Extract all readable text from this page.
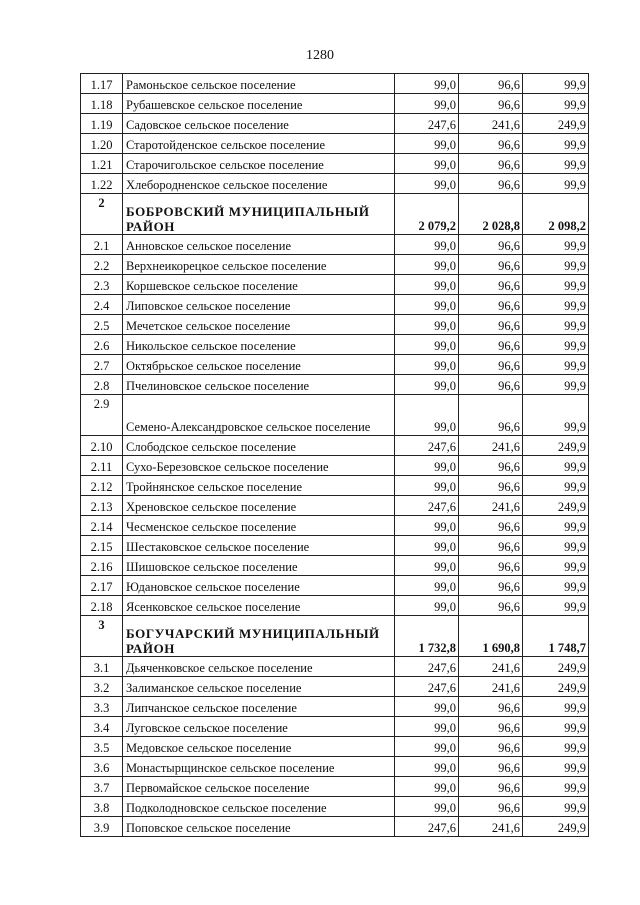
1280
1.17	Рамоньское сельское поселение	99,0	96,6	99,9
1.18	Рубашевское сельское поселение	99,0	96,6	99,9
1.19	Садовское сельское поселение	247,6	241,6	249,9
1.20	Старотойденское сельское поселение	99,0	96,6	99,9
1.21	Старочигольское сельское поселение	99,0	96,6	99,9
1.22	Хлебородненское сельское поселение	99,0	96,6	99,9
2	БОБРОВСКИЙ МУНИЦИПАЛЬНЫЙ РАЙОН	2 079,2	2 028,8	2 098,2
2.1	Анновское сельское поселение	99,0	96,6	99,9
2.2	Верхнеикорецкое сельское поселение	99,0	96,6	99,9
2.3	Коршевское сельское поселение	99,0	96,6	99,9
2.4	Липовское сельское поселение	99,0	96,6	99,9
2.5	Мечетское сельское поселение	99,0	96,6	99,9
2.6	Никольское сельское поселение	99,0	96,6	99,9
2.7	Октябрьское сельское поселение	99,0	96,6	99,9
2.8	Пчелиновское сельское поселение	99,0	96,6	99,9
2.9	Семено-Александровское сельское поселение	99,0	96,6	99,9
2.10	Слободское сельское поселение	247,6	241,6	249,9
2.11	Сухо-Березовское сельское поселение	99,0	96,6	99,9
2.12	Тройнянское сельское поселение	99,0	96,6	99,9
2.13	Хреновское сельское поселение	247,6	241,6	249,9
2.14	Чесменское сельское поселение	99,0	96,6	99,9
2.15	Шестаковское сельское поселение	99,0	96,6	99,9
2.16	Шишовское сельское поселение	99,0	96,6	99,9
2.17	Юдановское сельское поселение	99,0	96,6	99,9
2.18	Ясенковское сельское поселение	99,0	96,6	99,9
3	БОГУЧАРСКИЙ МУНИЦИПАЛЬНЫЙ РАЙОН	1 732,8	1 690,8	1 748,7
3.1	Дьяченковское сельское поселение	247,6	241,6	249,9
3.2	Залиманское сельское поселение	247,6	241,6	249,9
3.3	Липчанское сельское поселение	99,0	96,6	99,9
3.4	Луговское сельское поселение	99,0	96,6	99,9
3.5	Медовское сельское поселение	99,0	96,6	99,9
3.6	Монастырщинское сельское поселение	99,0	96,6	99,9
3.7	Первомайское сельское поселение	99,0	96,6	99,9
3.8	Подколодновское сельское поселение	99,0	96,6	99,9
3.9	Поповское сельское поселение	247,6	241,6	249,9
